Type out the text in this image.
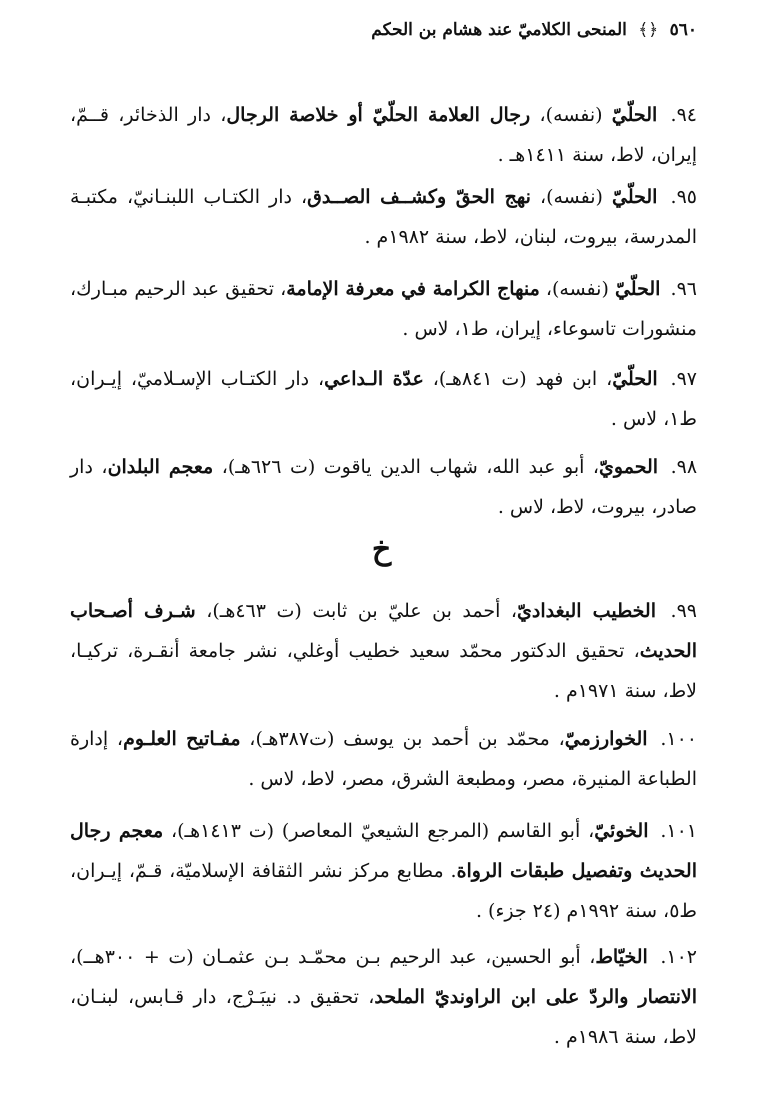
٥٦٠ ﴿﴾ المنحى الكلاميّ عند هشام بن الحكم

٩٤. الحلّيّ (نفسه)، رجال العلامة الحلّيّ أو خلاصة الرجال، دار الذخائر، قــمّ، إيران، لاط، سنة ١٤١١هـ .

٩٥. الحلّيّ (نفسه)، نهج الحقّ وكشــف الصــدق، دار الكتـاب اللبنـانيّ، مكتبـة المدرسة، بيروت، لبنان، لاط، سنة ١٩٨٢م .

٩٦. الحلّيّ (نفسه)، منهاج الكرامة في معرفة الإمامة، تحقيق عبد الرحيم مبـارك، منشورات تاسوعاء، إيران، ط١، لاس .

٩٧. الحلّيّ، ابن فهد (ت ٨٤١هـ)، عدّة الـداعي، دار الكتـاب الإسـلاميّ، إيـران، ط١، لاس .

٩٨. الحمويّ، أبو عبد الله، شهاب الدين ياقوت (ت ٦٢٦هـ)، معجم البلدان، دار صادر، بيروت، لاط، لاس .

خ

٩٩. الخطيب البغداديّ، أحمد بن عليّ بن ثابت (ت ٤٦٣هـ)، شـرف أصـحاب الحديث، تحقيق الدكتور محمّد سعيد خطيب أوغلي، نشر جامعة أنقـرة، تركيـا، لاط، سنة ١٩٧١م .

١٠٠. الخوارزميّ، محمّد بن أحمد بن يوسف (ت٣٨٧هـ)، مفـاتيح العلـوم، إدارة الطباعة المنيرة، مصر، ومطبعة الشرق، مصر، لاط، لاس .

١٠١. الخوئيّ، أبو القاسم (المرجع الشيعيّ المعاصر) (ت ١٤١٣هـ)، معجم رجال الحديث وتفصيل طبقات الرواة. مطابع مركز نشر الثقافة الإسلاميّة، قـمّ، إيـران، ط٥، سنة ١٩٩٢م (٢٤ جزء) .

١٠٢. الخيّاط، أبو الحسين، عبد الرحيم بـن محمّـد بـن عثمـان (ت + ٣٠٠هــ)، الانتصار والردّ على ابن الراونديّ الملحد، تحقيق د. نيبَـرْج، دار قـابس، لبنـان، لاط، سنة ١٩٨٦م .
